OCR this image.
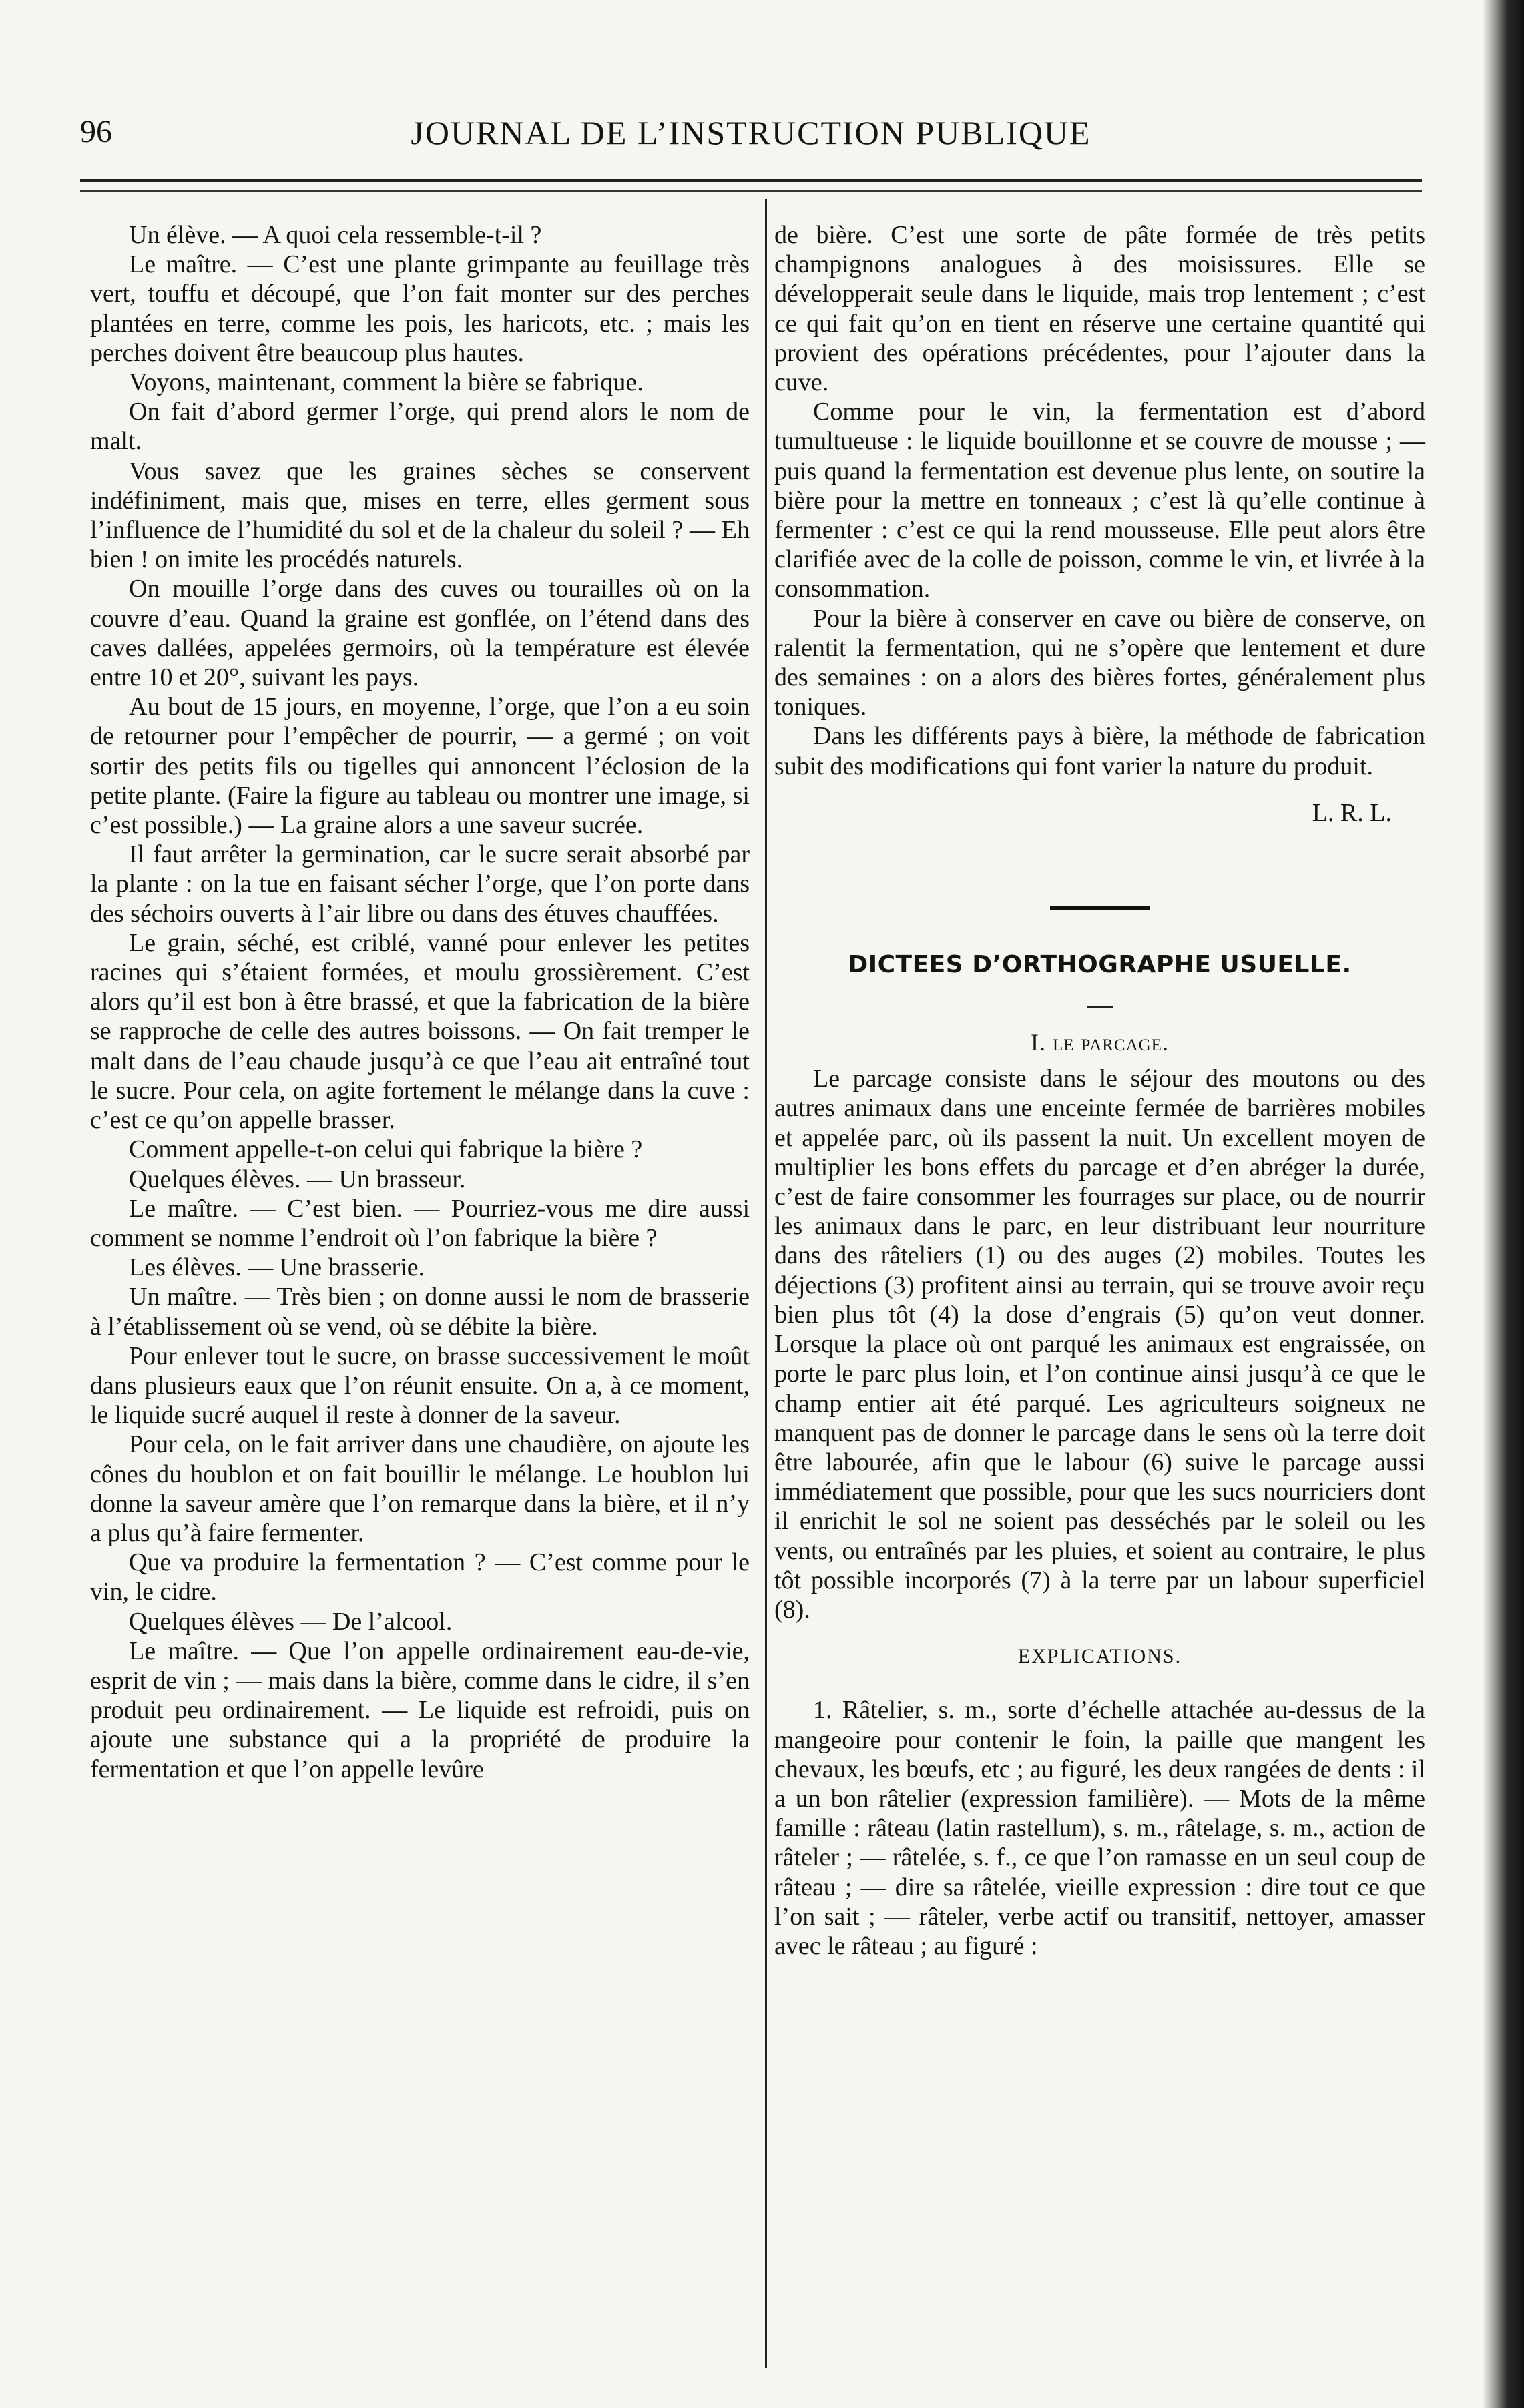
96	JOURNAL DE L’INSTRUCTION PUBLIQUE

Un élève. — A quoi cela ressemble-t-il ?

Le maître. — C’est une plante grimpante au feuillage très vert, touffu et découpé, que l’on fait monter sur des perches plantées en terre, comme les pois, les haricots, etc. ; mais les perches doivent être beaucoup plus hautes.

Voyons, maintenant, comment la bière se fabrique.

On fait d’abord germer l’orge, qui prend alors le nom de malt.

Vous savez que les graines sèches se conservent indéfiniment, mais que, mises en terre, elles germent sous l’influence de l’humidité du sol et de la chaleur du soleil ? — Eh bien ! on imite les procédés naturels.

On mouille l’orge dans des cuves ou tourailles où on la couvre d’eau. Quand la graine est gonflée, on l’étend dans des caves dallées, appelées germoirs, où la température est élevée entre 10 et 20°, suivant les pays.

Au bout de 15 jours, en moyenne, l’orge, que l’on a eu soin de retourner pour l’empêcher de pourrir, — a germé ; on voit sortir des petits fils ou tigelles qui annoncent l’éclosion de la petite plante. (Faire la figure au tableau ou montrer une image, si c’est possible.) — La graine alors a une saveur sucrée.

Il faut arrêter la germination, car le sucre serait absorbé par la plante : on la tue en faisant sécher l’orge, que l’on porte dans des séchoirs ouverts à l’air libre ou dans des étuves chauffées.

Le grain, séché, est criblé, vanné pour enlever les petites racines qui s’étaient formées, et moulu grossièrement. C’est alors qu’il est bon à être brassé, et que la fabrication de la bière se rapproche de celle des autres boissons. — On fait tremper le malt dans de l’eau chaude jusqu’à ce que l’eau ait entraîné tout le sucre. Pour cela, on agite fortement le mélange dans la cuve : c’est ce qu’on appelle brasser.

Comment appelle-t-on celui qui fabrique la bière ?

Quelques élèves. — Un brasseur.

Le maître. — C’est bien. — Pourriez-vous me dire aussi comment se nomme l’endroit où l’on fabrique la bière ?

Les élèves. — Une brasserie.

Un maître. — Très bien ; on donne aussi le nom de brasserie à l’établissement où se vend, où se débite la bière.

Pour enlever tout le sucre, on brasse successivement le moût dans plusieurs eaux que l’on réunit ensuite. On a, à ce moment, le liquide sucré auquel il reste à donner de la saveur.

Pour cela, on le fait arriver dans une chaudière, on ajoute les cônes du houblon et on fait bouillir le mélange. Le houblon lui donne la saveur amère que l’on remarque dans la bière, et il n’y a plus qu’à faire fermenter.

Que va produire la fermentation ? — C’est comme pour le vin, le cidre.

Quelques élèves — De l’alcool.

Le maître. — Que l’on appelle ordinairement eau-de-vie, esprit de vin ; — mais dans la bière, comme dans le cidre, il s’en produit peu ordinairement. — Le liquide est refroidi, puis on ajoute une substance qui a la propriété de produire la fermentation et que l’on appelle levûre

de bière. C’est une sorte de pâte formée de très petits champignons analogues à des moisissures. Elle se développerait seule dans le liquide, mais trop lentement ; c’est ce qui fait qu’on en tient en réserve une certaine quantité qui provient des opérations précédentes, pour l’ajouter dans la cuve.

Comme pour le vin, la fermentation est d’abord tumultueuse : le liquide bouillonne et se couvre de mousse ; — puis quand la fermentation est devenue plus lente, on soutire la bière pour la mettre en tonneaux ; c’est là qu’elle continue à fermenter : c’est ce qui la rend mousseuse. Elle peut alors être clarifiée avec de la colle de poisson, comme le vin, et livrée à la consommation.

Pour la bière à conserver en cave ou bière de conserve, on ralentit la fermentation, qui ne s’opère que lentement et dure des semaines : on a alors des bières fortes, généralement plus toniques.

Dans les différents pays à bière, la méthode de fabrication subit des modifications qui font varier la nature du produit.

L. R. L.

DICTEES D’ORTHOGRAPHE USUELLE.
I. le parcage.

Le parcage consiste dans le séjour des moutons ou des autres animaux dans une enceinte fermée de barrières mobiles et appelée parc, où ils passent la nuit. Un excellent moyen de multiplier les bons effets du parcage et d’en abréger la durée, c’est de faire consommer les fourrages sur place, ou de nourrir les animaux dans le parc, en leur distribuant leur nourriture dans des râteliers (1) ou des auges (2) mobiles. Toutes les déjections (3) profitent ainsi au terrain, qui se trouve avoir reçu bien plus tôt (4) la dose d’engrais (5) qu’on veut donner. Lorsque la place où ont parqué les animaux est engraissée, on porte le parc plus loin, et l’on continue ainsi jusqu’à ce que le champ entier ait été parqué. Les agriculteurs soigneux ne manquent pas de donner le parcage dans le sens où la terre doit être labourée, afin que le labour (6) suive le parcage aussi immédiatement que possible, pour que les sucs nourriciers dont il enrichit le sol ne soient pas desséchés par le soleil ou les vents, ou entraînés par les pluies, et soient au contraire, le plus tôt possible incorporés (7) à la terre par un labour superficiel (8).

EXPLICATIONS.

1. Râtelier, s. m., sorte d’échelle attachée au-dessus de la mangeoire pour contenir le foin, la paille que mangent les chevaux, les bœufs, etc ; au figuré, les deux rangées de dents : il a un bon râtelier (expression familière). — Mots de la même famille : râteau (latin rastellum), s. m., râtelage, s. m., action de râteler ; — râtelée, s. f., ce que l’on ramasse en un seul coup de râteau ; — dire sa râtelée, vieille expression : dire tout ce que l’on sait ; — râteler, verbe actif ou transitif, nettoyer, amasser avec le râteau ; au figuré :
